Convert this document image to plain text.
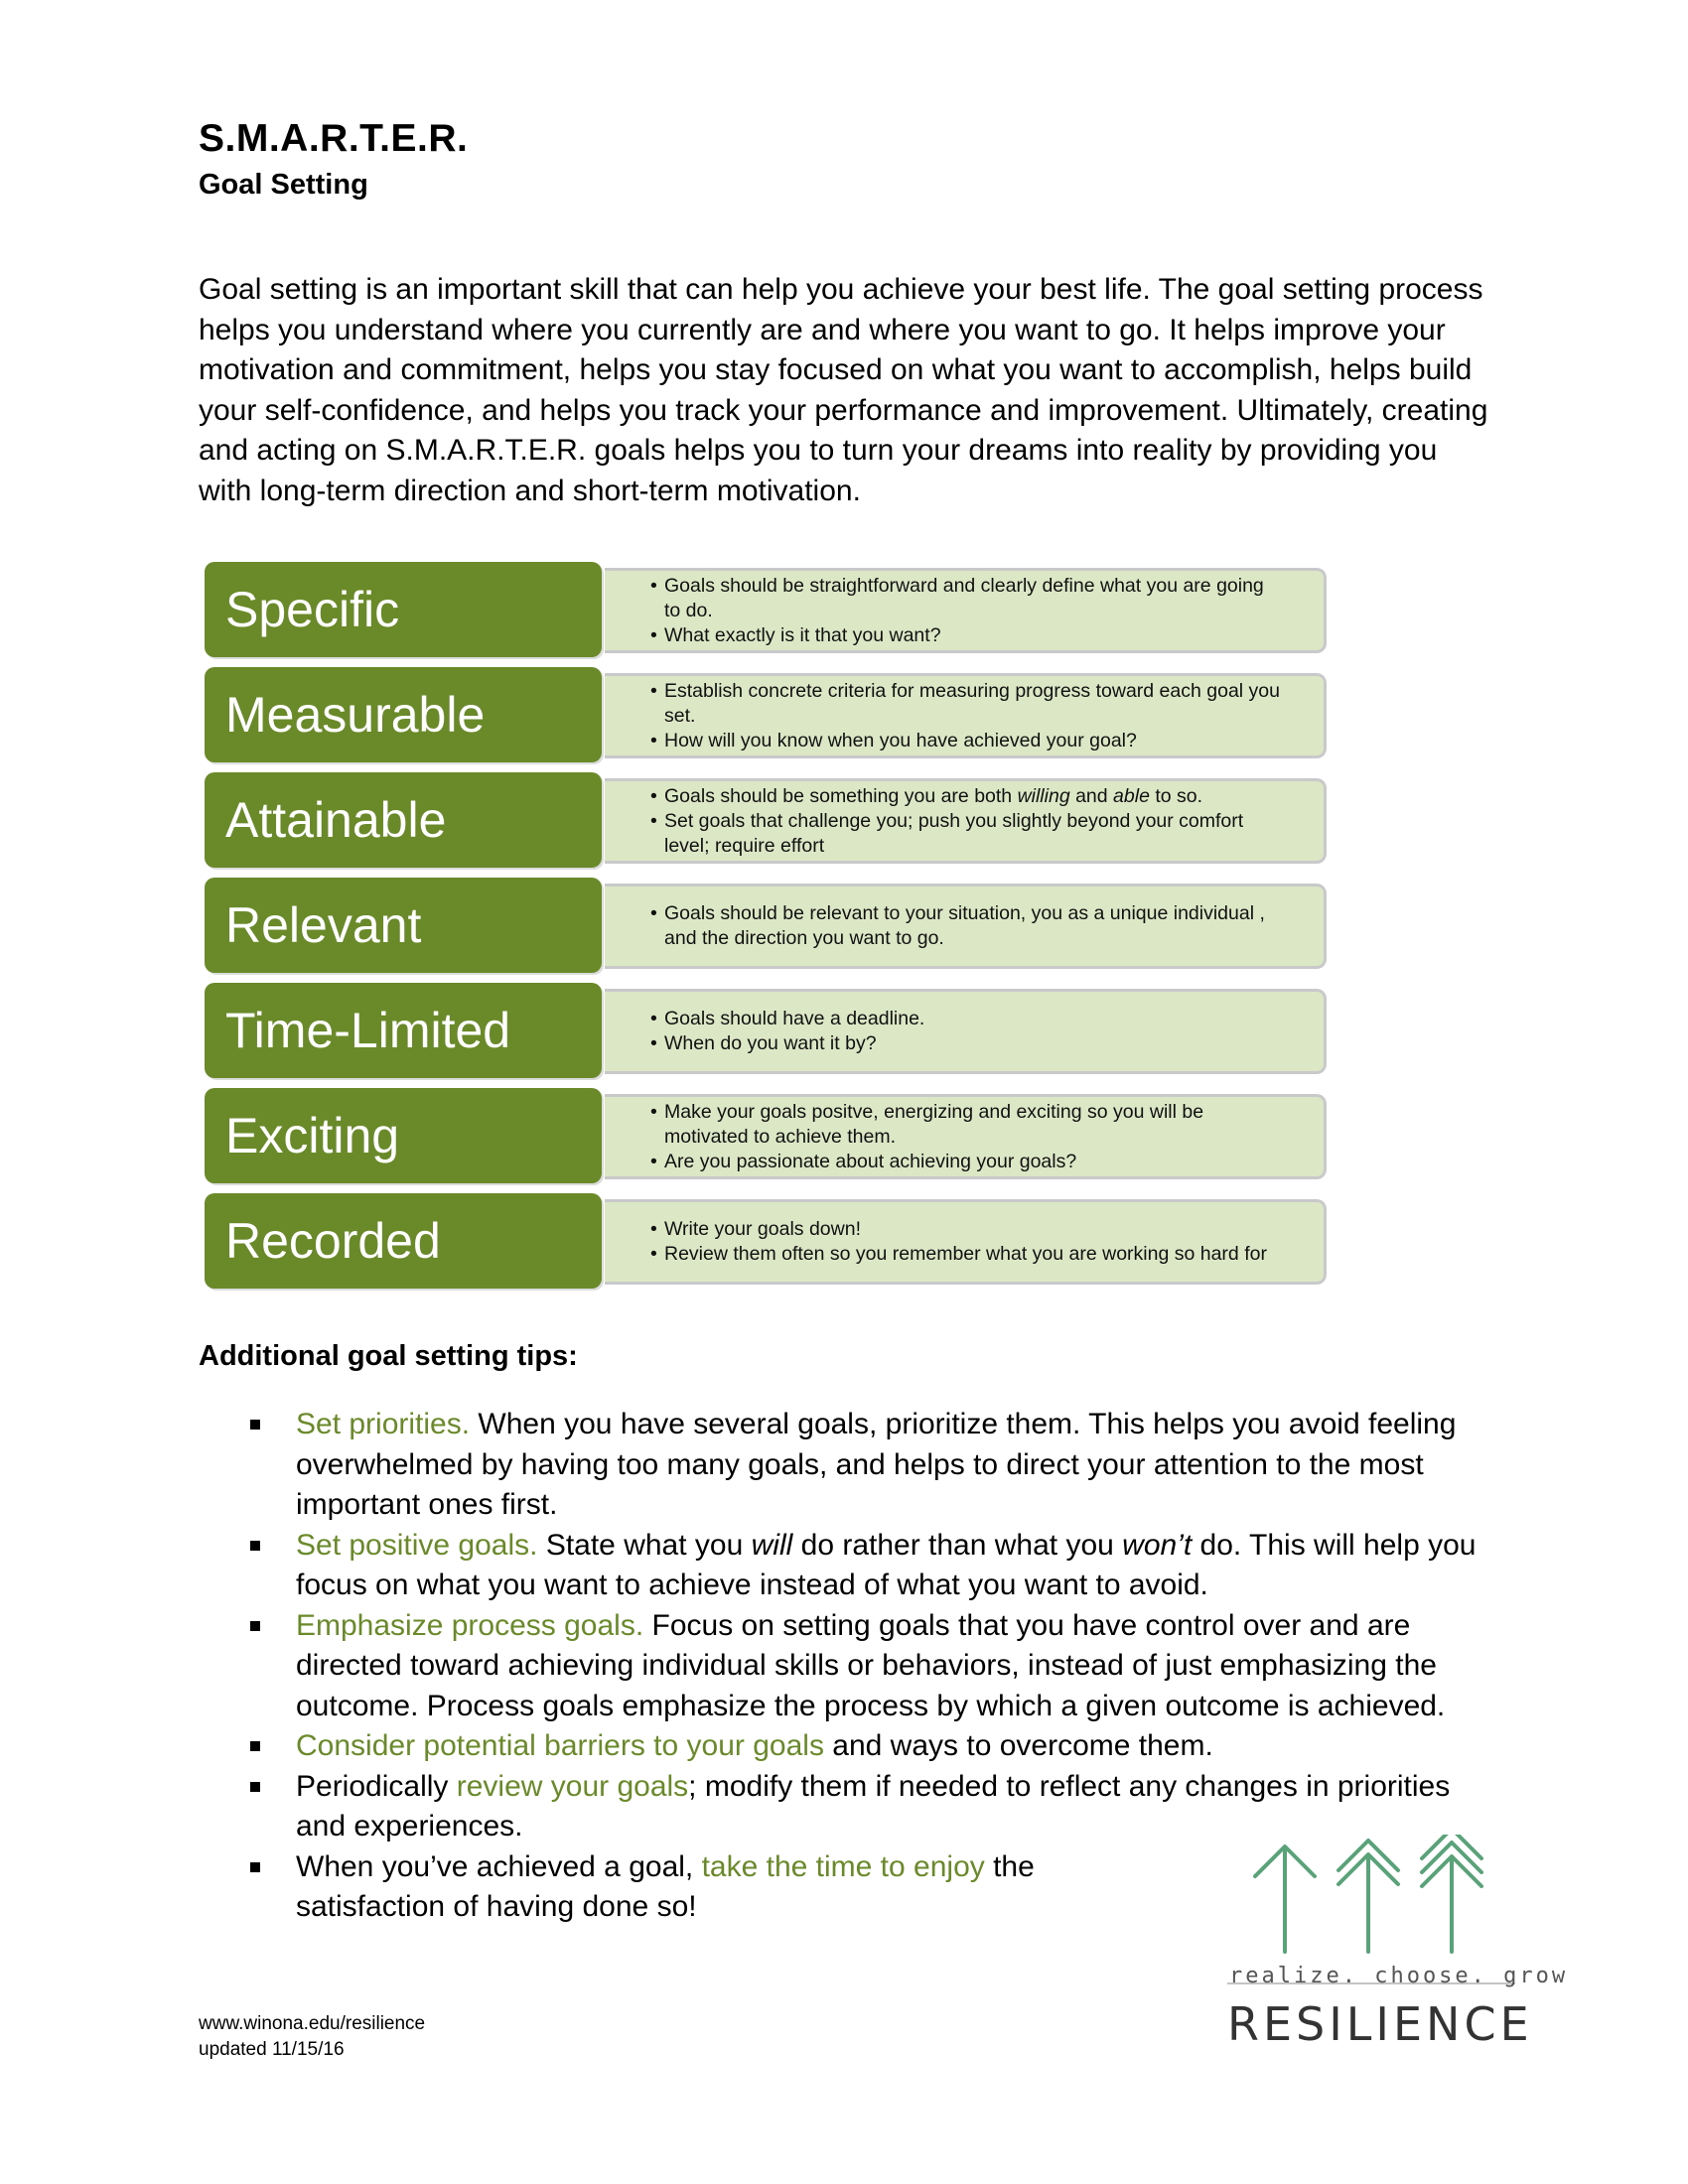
S.M.A.R.T.E.R.
Goal Setting
Goal setting is an important skill that can help you achieve your best life. The goal setting process helps you understand where you currently are and where you want to go. It helps improve your motivation and commitment, helps you stay focused on what you want to accomplish, helps build your self-confidence, and helps you track your performance and improvement. Ultimately, creating and acting on S.M.A.R.T.E.R. goals helps you to turn your dreams into reality by providing you with long-term direction and short-term motivation.
Specific	• Goals should be straightforward and clearly define what you are going to do.
• What exactly is it that you want?
Measurable	• Establish concrete criteria for measuring progress toward each goal you set.
• How will you know when you have achieved your goal?
Attainable	• Goals should be something you are both willing and able to so.
• Set goals that challenge you; push you slightly beyond your comfort level; require effort
Relevant	• Goals should be relevant to your situation, you as a unique individual , and the direction you want to go.
Time-Limited	• Goals should have a deadline.
• When do you want it by?
Exciting	• Make your goals positve, energizing and exciting so you will be motivated to achieve them.
• Are you passionate about achieving your goals?
Recorded	• Write your goals down!
• Review them often so you remember what you are working so hard for
Additional goal setting tips:
Set priorities. When you have several goals, prioritize them. This helps you avoid feeling overwhelmed by having too many goals, and helps to direct your attention to the most important ones first.
Set positive goals. State what you will do rather than what you won’t do. This will help you focus on what you want to achieve instead of what you want to avoid.
Emphasize process goals. Focus on setting goals that you have control over and are directed toward achieving individual skills or behaviors, instead of just emphasizing the outcome. Process goals emphasize the process by which a given outcome is achieved.
Consider potential barriers to your goals and ways to overcome them.
Periodically review your goals; modify them if needed to reflect any changes in priorities and experiences.
When you’ve achieved a goal, take the time to enjoy the satisfaction of having done so!
www.winona.edu/resilience
updated 11/15/16
realize. choose. grow
RESILIENCE
